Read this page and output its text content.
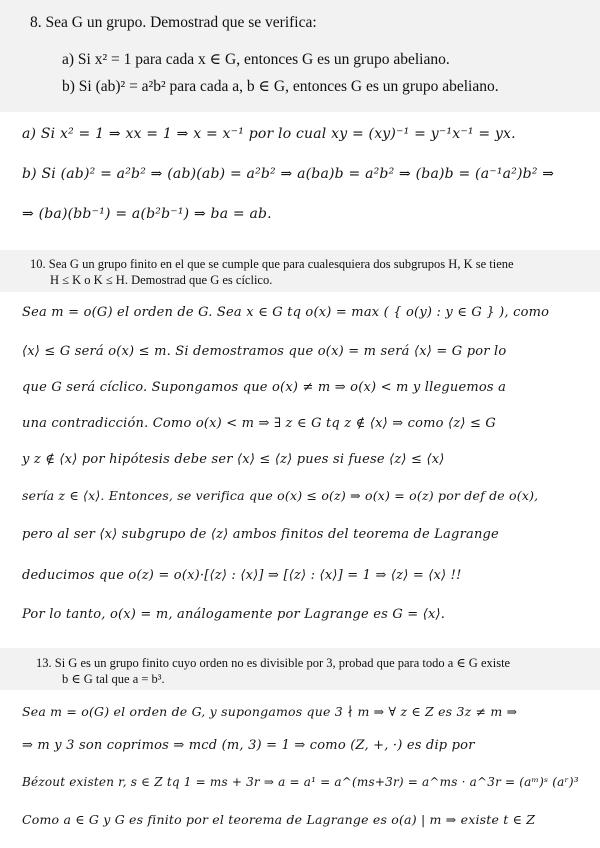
8. Sea G un grupo. Demostrad que se verifica:
a) Si x² = 1 para cada x ∈ G, entonces G es un grupo abeliano.
b) Si (ab)² = a²b² para cada a, b ∈ G, entonces G es un grupo abeliano.
a) Si x² = 1 ⇒ xx = 1 ⇒ x = x⁻¹ por lo cual xy = (xy)⁻¹ = y⁻¹x⁻¹ = yx.
b) Si (ab)² = a²b² ⇒ (ab)(ab) = a²b² ⇒ a(ba)b = a²b² ⇒ (ba)b = (a⁻¹a²)b² ⇒
⇒ (ba)(bb⁻¹) = a(b²b⁻¹) ⇒ ba = ab.
10. Sea G un grupo finito en el que se cumple que para cualesquiera dos subgrupos H, K se tiene
H ≤ K o K ≤ H. Demostrad que G es cíclico.
Sea m = o(G) el orden de G. Sea x ∈ G tq o(x) = max ( { o(y) : y ∈ G } ), como
⟨x⟩ ≤ G será o(x) ≤ m. Si demostramos que o(x) = m será ⟨x⟩ = G por lo
que G será cíclico. Supongamos que o(x) ≠ m ⇒ o(x) < m y lleguemos a
una contradicción. Como o(x) < m ⇒ ∃ z ∈ G tq z ∉ ⟨x⟩ ⇒ como ⟨z⟩ ≤ G
y z ∉ ⟨x⟩ por hipótesis debe ser ⟨x⟩ ≤ ⟨z⟩ pues si fuese ⟨z⟩ ≤ ⟨x⟩
sería z ∈ ⟨x⟩. Entonces, se verifica que o(x) ≤ o(z) ⇒ o(x) = o(z) por def de o(x),
pero al ser ⟨x⟩ subgrupo de ⟨z⟩ ambos finitos del teorema de Lagrange
deducimos que o(z) = o(x)·[⟨z⟩ : ⟨x⟩] ⇒ [⟨z⟩ : ⟨x⟩] = 1 ⇒ ⟨z⟩ = ⟨x⟩ !!
Por lo tanto, o(x) = m, análogamente por Lagrange es G = ⟨x⟩.
13. Si G es un grupo finito cuyo orden no es divisible por 3, probad que para todo a ∈ G existe
b ∈ G tal que a = b³.
Sea m = o(G) el orden de G, y supongamos que 3 ∤ m ⇒ ∀ z ∈ Z es 3z ≠ m ⇒
⇒ m y 3 son coprimos ⇒ mcd (m, 3) = 1 ⇒ como (Z, +, ·) es dip por
Bézout existen r, s ∈ Z tq 1 = ms + 3r ⇒ a = a¹ = a^(ms+3r) = a^ms · a^3r = (aᵐ)ˢ (aʳ)³
Como a ∈ G y G es finito por el teorema de Lagrange es o(a) | m ⇒ existe t ∈ Z
